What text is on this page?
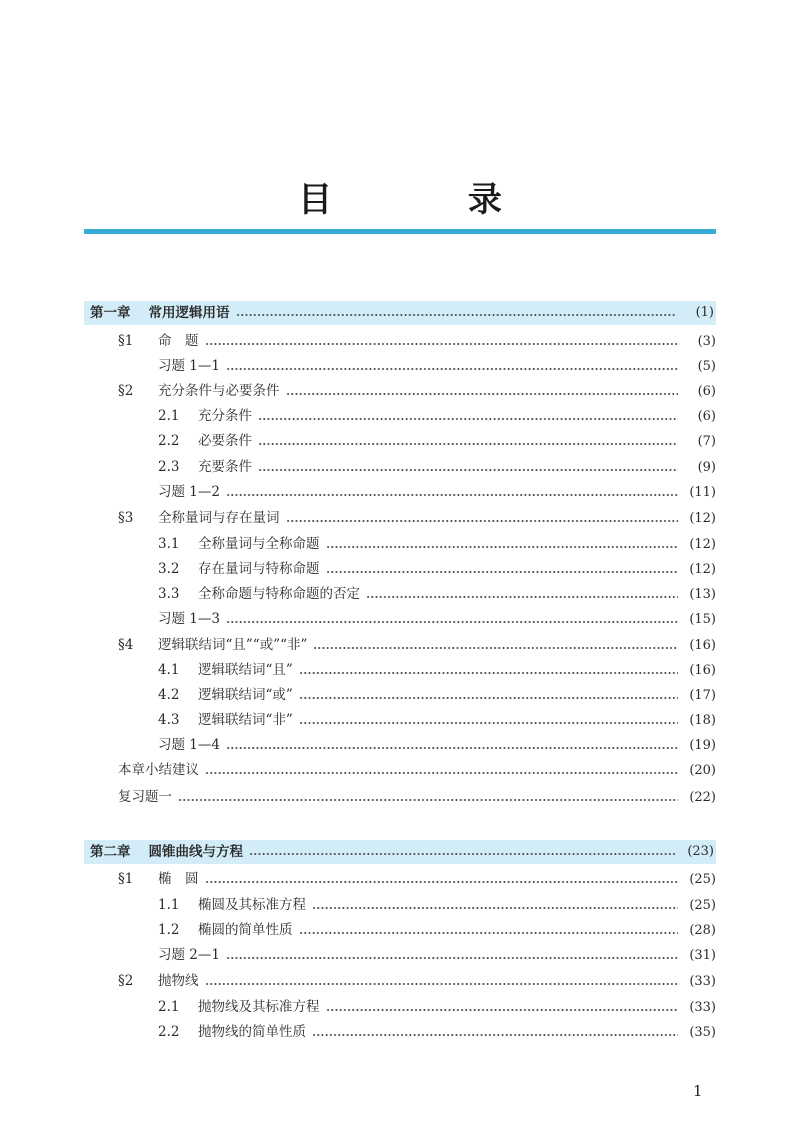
目 录
第一章 常用逻辑用语	(1)
§1	命　题	(3)
习题 1—1	(5)
§2	充分条件与必要条件	(6)
2.1	充分条件	(6)
2.2	必要条件	(7)
2.3	充要条件	(9)
习题 1—2	(11)
§3	全称量词与存在量词	(12)
3.1	全称量词与全称命题	(12)
3.2	存在量词与特称命题	(12)
3.3	全称命题与特称命题的否定	(13)
习题 1—3	(15)
§4	逻辑联结词“且”“或”“非”	(16)
4.1	逻辑联结词“且”	(16)
4.2	逻辑联结词“或”	(17)
4.3	逻辑联结词“非”	(18)
习题 1—4	(19)
本章小结建议	(20)
复习题一	(22)
第二章 圆锥曲线与方程	(23)
§1	椭　圆	(25)
1.1	椭圆及其标准方程	(25)
1.2	椭圆的简单性质	(28)
习题 2—1	(31)
§2	抛物线	(33)
2.1	抛物线及其标准方程	(33)
2.2	抛物线的简单性质	(35)
1
